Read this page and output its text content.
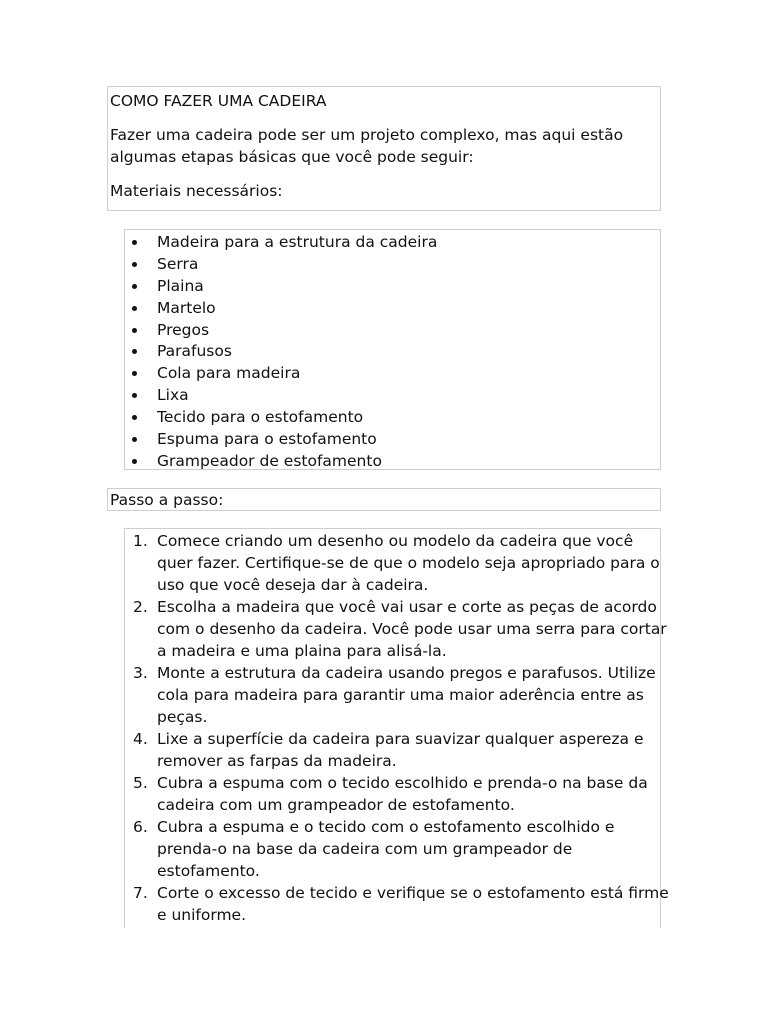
COMO FAZER UMA CADEIRA
Fazer uma cadeira pode ser um projeto complexo, mas aqui estão
algumas etapas básicas que você pode seguir:
Materiais necessários:
Madeira para a estrutura da cadeira
Serra
Plaina
Martelo
Pregos
Parafusos
Cola para madeira
Lixa
Tecido para o estofamento
Espuma para o estofamento
Grampeador de estofamento
Passo a passo:
1. Comece criando um desenho ou modelo da cadeira que você
quer fazer. Certifique-se de que o modelo seja apropriado para o
uso que você deseja dar à cadeira.
2. Escolha a madeira que você vai usar e corte as peças de acordo
com o desenho da cadeira. Você pode usar uma serra para cortar
a madeira e uma plaina para alisá-la.
3. Monte a estrutura da cadeira usando pregos e parafusos. Utilize
cola para madeira para garantir uma maior aderência entre as
peças.
4. Lixe a superfície da cadeira para suavizar qualquer aspereza e
remover as farpas da madeira.
5. Cubra a espuma com o tecido escolhido e prenda-o na base da
cadeira com um grampeador de estofamento.
6. Cubra a espuma e o tecido com o estofamento escolhido e
prenda-o na base da cadeira com um grampeador de
estofamento.
7. Corte o excesso de tecido e verifique se o estofamento está firme
e uniforme.
